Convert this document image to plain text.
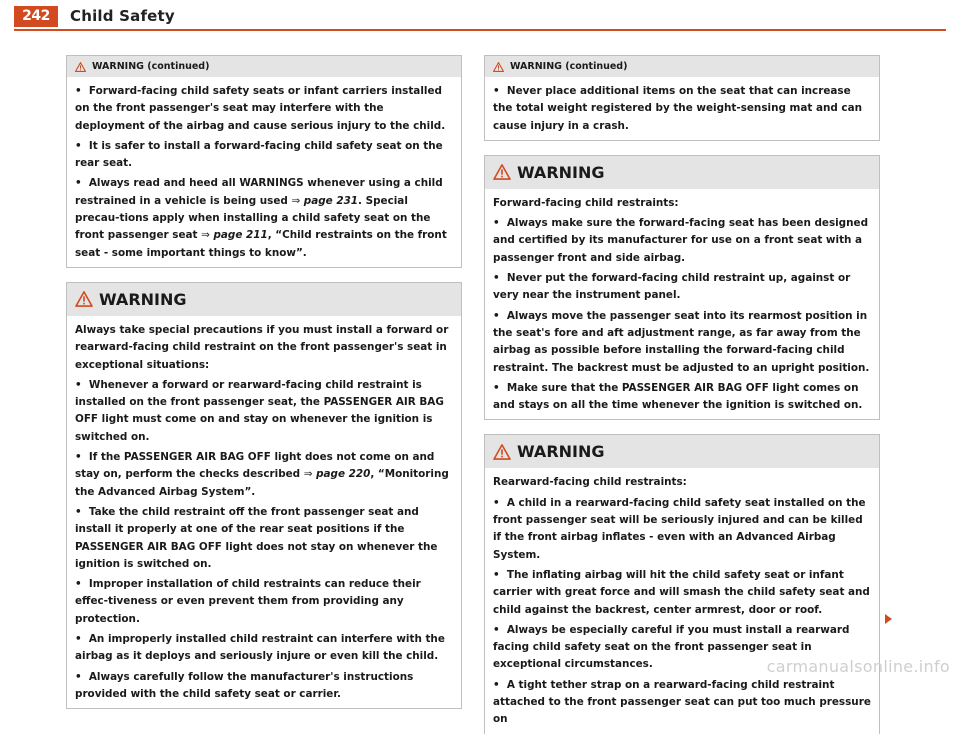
242	Child Safety
WARNING (continued)

•  Forward-facing child safety seats or infant carriers installed on the front passenger's seat may interfere with the deployment of the airbag and cause serious injury to the child.

•  It is safer to install a forward-facing child safety seat on the rear seat.

•  Always read and heed all WARNINGS whenever using a child restrained in a vehicle is being used ⇒ page 231. Special precau-tions apply when installing a child safety seat on the front passenger seat ⇒ page 211, “Child restraints on the front seat - some important things to know”.

WARNING

Always take special precautions if you must install a forward or rearward-facing child restraint on the front passenger's seat in exceptional situations:

•  Whenever a forward or rearward-facing child restraint is installed on the front passenger seat, the PASSENGER AIR BAG OFF light must come on and stay on whenever the ignition is switched on.

•  If the PASSENGER AIR BAG OFF light does not come on and stay on, perform the checks described ⇒ page 220, “Monitoring the Advanced Airbag System”.

•  Take the child restraint off the front passenger seat and install it properly at one of the rear seat positions if the PASSENGER AIR BAG OFF light does not stay on whenever the ignition is switched on.

•  Improper installation of child restraints can reduce their effec-tiveness or even prevent them from providing any protection.

•  An improperly installed child restraint can interfere with the airbag as it deploys and seriously injure or even kill the child.

•  Always carefully follow the manufacturer's instructions provided with the child safety seat or carrier.

WARNING (continued)

•  Never place additional items on the seat that can increase the total weight registered by the weight-sensing mat and can cause injury in a crash.

WARNING

Forward-facing child restraints:

•  Always make sure the forward-facing seat has been designed and certified by its manufacturer for use on a front seat with a passenger front and side airbag.

•  Never put the forward-facing child restraint up, against or very near the instrument panel.

•  Always move the passenger seat into its rearmost position in the seat's fore and aft adjustment range, as far away from the airbag as possible before installing the forward-facing child restraint. The backrest must be adjusted to an upright position.

•  Make sure that the PASSENGER AIR BAG OFF light comes on and stays on all the time whenever the ignition is switched on.

WARNING

Rearward-facing child restraints:

•  A child in a rearward-facing child safety seat installed on the front passenger seat will be seriously injured and can be killed if the front airbag inflates - even with an Advanced Airbag System.

•  The inflating airbag will hit the child safety seat or infant carrier with great force and will smash the child safety seat and child against the backrest, center armrest, door or roof.

•  Always be especially careful if you must install a rearward facing child safety seat on the front passenger seat in exceptional circumstances.

•  A tight tether strap on a rearward-facing child restraint attached to the front passenger seat can put too much pressure on

carmanualsonline.info
